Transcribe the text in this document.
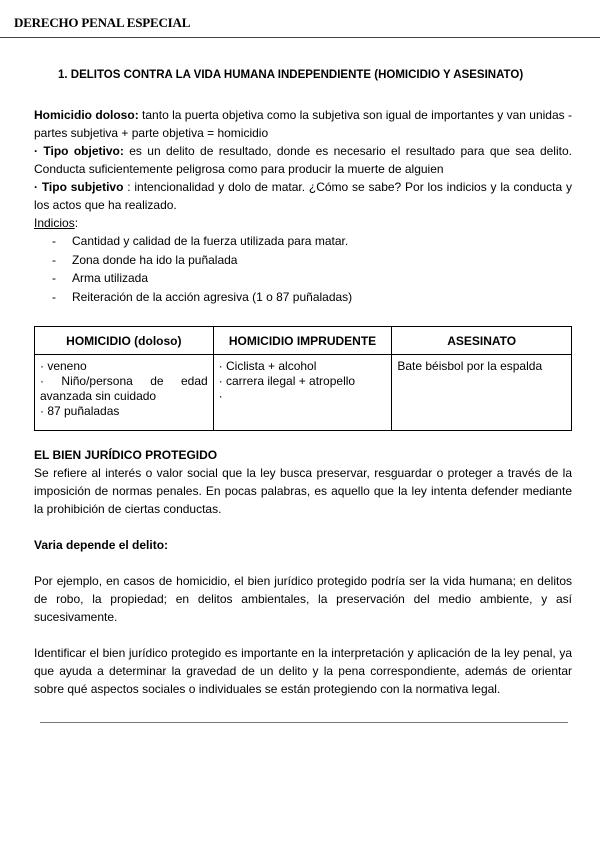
DERECHO PENAL ESPECIAL
1. DELITOS CONTRA LA VIDA HUMANA INDEPENDIENTE (HOMICIDIO Y ASESINATO)

Homicidio doloso: tanto la puerta objetiva como la subjetiva son igual de importantes y van unidas - partes subjetiva + parte objetiva = homicidio

· Tipo objetivo: es un delito de resultado, donde es necesario el resultado para que sea delito. Conducta suficientemente peligrosa como para producir la muerte de alguien

· Tipo subjetivo : intencionalidad y dolo de matar. ¿Cómo se sabe? Por los indicios y la conducta y los actos que ha realizado.

Indicios:

- Cantidad y calidad de la fuerza utilizada para matar.
- Zona donde ha ido la puñalada
- Arma utilizada
- Reiteración de la acción agresiva (1 o 87 puñaladas)
HOMICIDIO (doloso)	HOMICIDIO IMPRUDENTE	ASESINATO

· veneno
· Niño/persona de edad
avanzada sin cuidado
· 87 puñaladas	· Ciclista + alcohol
· carrera ilegal + atropello
·	Bate béisbol por la espalda

EL BIEN JURÍDICO PROTEGIDO

Se refiere al interés o valor social que la ley busca preservar, resguardar o proteger a través de la imposición de normas penales. En pocas palabras, es aquello que la ley intenta defender mediante la prohibición de ciertas conductas.

Varia depende el delito:

Por ejemplo, en casos de homicidio, el bien jurídico protegido podría ser la vida humana; en delitos de robo, la propiedad; en delitos ambientales, la preservación del medio ambiente, y así sucesivamente.

Identificar el bien jurídico protegido es importante en la interpretación y aplicación de la ley penal, ya que ayuda a determinar la gravedad de un delito y la pena correspondiente, además de orientar sobre qué aspectos sociales o individuales se están protegiendo con la normativa legal.
